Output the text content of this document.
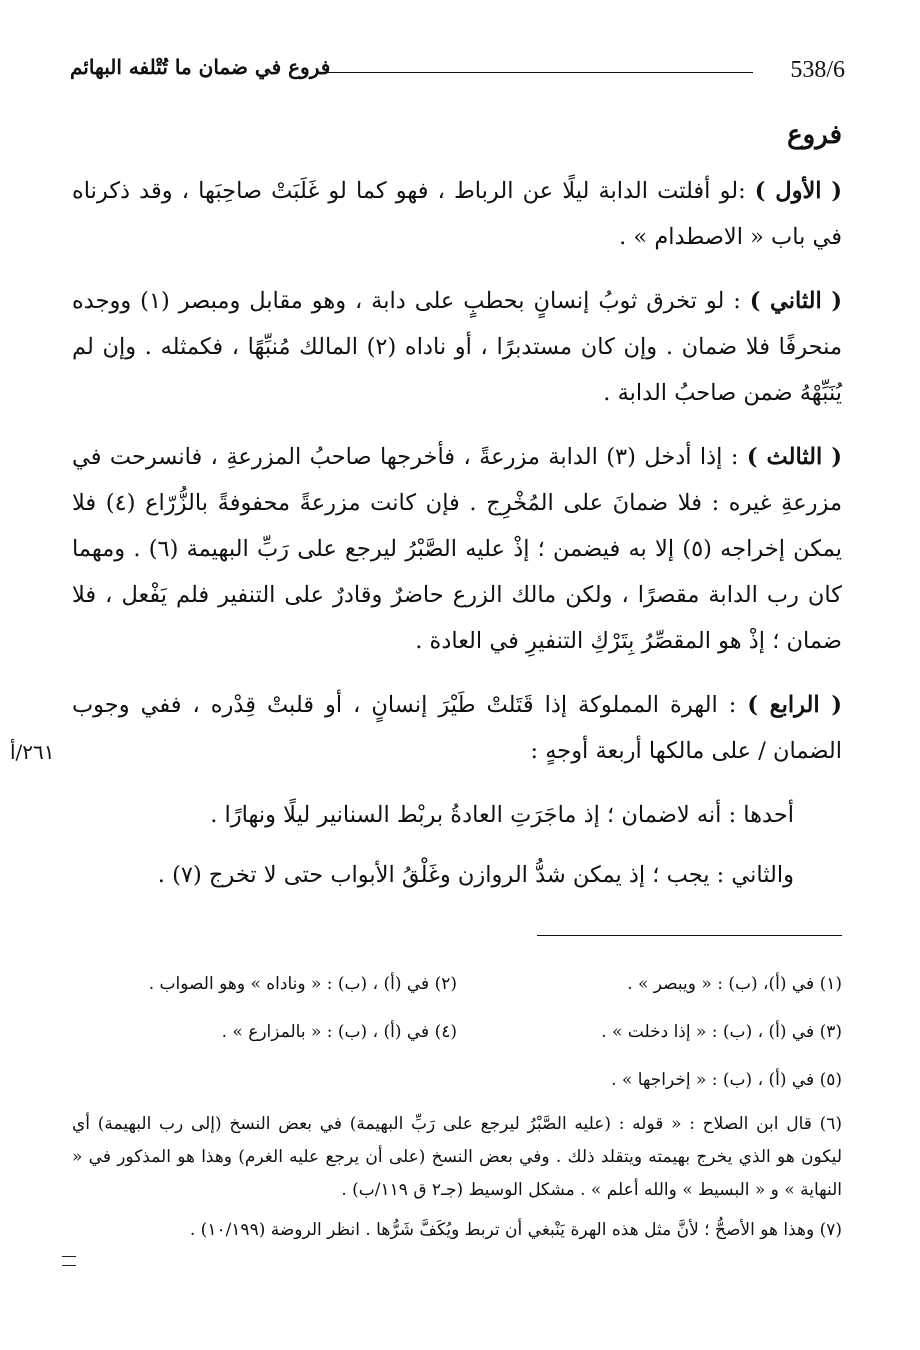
538/6
فروع في ضمان ما تُتْلفه البهائم
٢٦١/أ
فروع

( الأول ) :لو أفلتت الدابة ليلًا عن الرباط ، فهو كما لو غَلَبَتْ صاحِبَها ، وقد ذكرناه في باب « الاصطدام » .

( الثاني ) : لو تخرق ثوبُ إنسانٍ بحطبٍ على دابة ، وهو مقابل ومبصر (١) ووجده منحرفًا فلا ضمان . وإن كان مستدبرًا ، أو ناداه (٢) المالك مُنبِّهًا ، فكمثله . وإن لم يُنَبِّهْهُ ضمن صاحبُ الدابة .

( الثالث ) : إذا أدخل (٣) الدابة مزرعةً ، فأخرجها صاحبُ المزرعةِ ، فانسرحت في مزرعةِ غيره : فلا ضمانَ على المُخْرِج . فإن كانت مزرعةً محفوفةً بالزُّرّاع (٤) فلا يمكن إخراجه (٥) إلا به فيضمن ؛ إذْ عليه الصَّبْرُ ليرجع على رَبِّ البهيمة (٦) . ومهما كان رب الدابة مقصرًا ، ولكن مالك الزرع حاضرٌ وقادرٌ على التنفير فلم يَفْعل ، فلا ضمان ؛ إذْ هو المقصِّرُ بِتَرْكِ التنفيرِ في العادة .

( الرابع ) : الهرة المملوكة إذا قَتَلتْ طَيْرَ إنسانٍ ، أو قلبتْ قِدْره ، ففي وجوب الضمان / على مالكها أربعة أوجهٍ :

أحدها : أنه لاضمان ؛ إذ ماجَرَتِ العادةُ بربْط السنانير ليلًا ونهارًا .

والثاني : يجب ؛ إذ يمكن شدُّ الروازن وغَلْقُ الأبواب حتى لا تخرج (٧) .

(١) في (أ)، (ب) : « ويبصر » .
(٢) في (أ) ، (ب) : « وناداه » وهو الصواب .
(٣) في (أ) ، (ب) : « إذا دخلت » .
(٤) في (أ) ، (ب) : « بالمزارع » .
(٥) في (أ) ، (ب) : « إخراجها » .
(٦) قال ابن الصلاح : « قوله : (عليه الصَّبْرُ ليرجع على رَبِّ البهيمة) في بعض النسخ (إلى رب البهيمة) أي ليكون هو الذي يخرج بهيمته ويتقلد ذلك . وفي بعض النسخ (على أن يرجع عليه الغرم) وهذا هو المذكور في « النهاية » و « البسيط » والله أعلم » . مشكل الوسيط (جـ٢ ق ١١٩/ب) .
(٧) وهذا هو الأصحُّ ؛ لأنَّ مثل هذه الهرة يَنْبغي أن تربط ويُكَفَّ شَرُّها . انظر الروضة (١٠/١٩٩) .
